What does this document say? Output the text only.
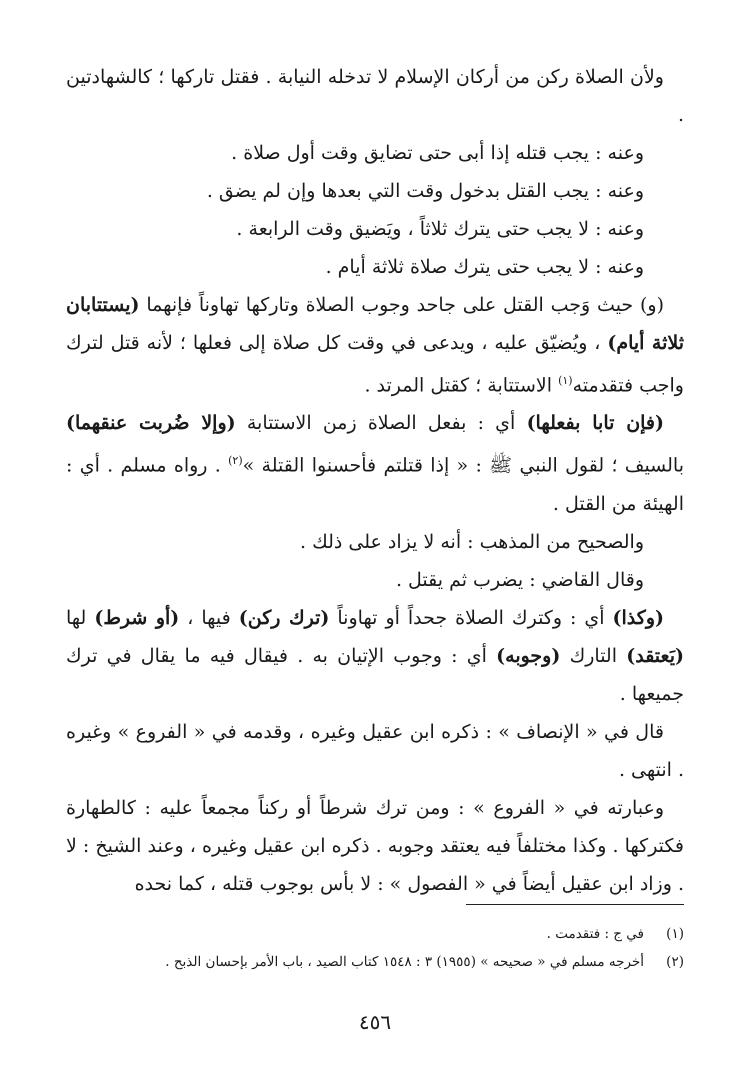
ولأن الصلاة ركن من أركان الإسلام لا تدخله النيابة . فقتل تاركها ؛ كالشهادتين .

وعنه : يجب قتله إذا أبى حتى تضايق وقت أول صلاة .

وعنه : يجب القتل بدخول وقت التي بعدها وإن لم يضق .

وعنه : لا يجب حتى يترك ثلاثاً ، ويَضيق وقت الرابعة .

وعنه : لا يجب حتى يترك صلاة ثلاثة أيام .

(و) حيث وَجب القتل على جاحد وجوب الصلاة وتاركها تهاوناً فإنهما (يستتابان ثلاثة أيام) ، ويُضيّق عليه ، ويدعى في وقت كل صلاة إلى فعلها ؛ لأنه قتل لترك واجب فتقدمته$^{(١)}$ الاستتابة ؛ كقتل المرتد .

(فإن تابا بفعلها) أي : بفعل الصلاة زمن الاستتابة (وإلا ضُربت عنقهما) بالسيف ؛ لقول النبي ﷺ : « إذا قتلتم فأحسنوا القتلة »$^{(٢)}$ . رواه مسلم . أي : الهيئة من القتل .

والصحيح من المذهب : أنه لا يزاد على ذلك .

وقال القاضي : يضرب ثم يقتل .

(وكذا) أي : وكترك الصلاة جحداً أو تهاوناً (ترك ركن) فيها ، (أو شرط) لها (يَعتقد) التارك (وجوبه) أي : وجوب الإتيان به . فيقال فيه ما يقال في ترك جميعها .

قال في « الإنصاف » : ذكره ابن عقيل وغيره ، وقدمه في « الفروع » وغيره . انتهى .

وعبارته في « الفروع » : ومن ترك شرطاً أو ركناً مجمعاً عليه : كالطهارة فكتركها . وكذا مختلفاً فيه يعتقد وجوبه . ذكره ابن عقيل وغيره ، وعند الشيخ : لا . وزاد ابن عقيل أيضاً في « الفصول » : لا بأس بوجوب قتله ، كما نحده

(١)
في ج : فتقدمت .
(٢)
أخرجه مسلم في « صحيحه » (١٩٥٥) ٣ : ١٥٤٨ كتاب الصيد ، باب الأمر بإحسان الذبح .
٤٥٦
